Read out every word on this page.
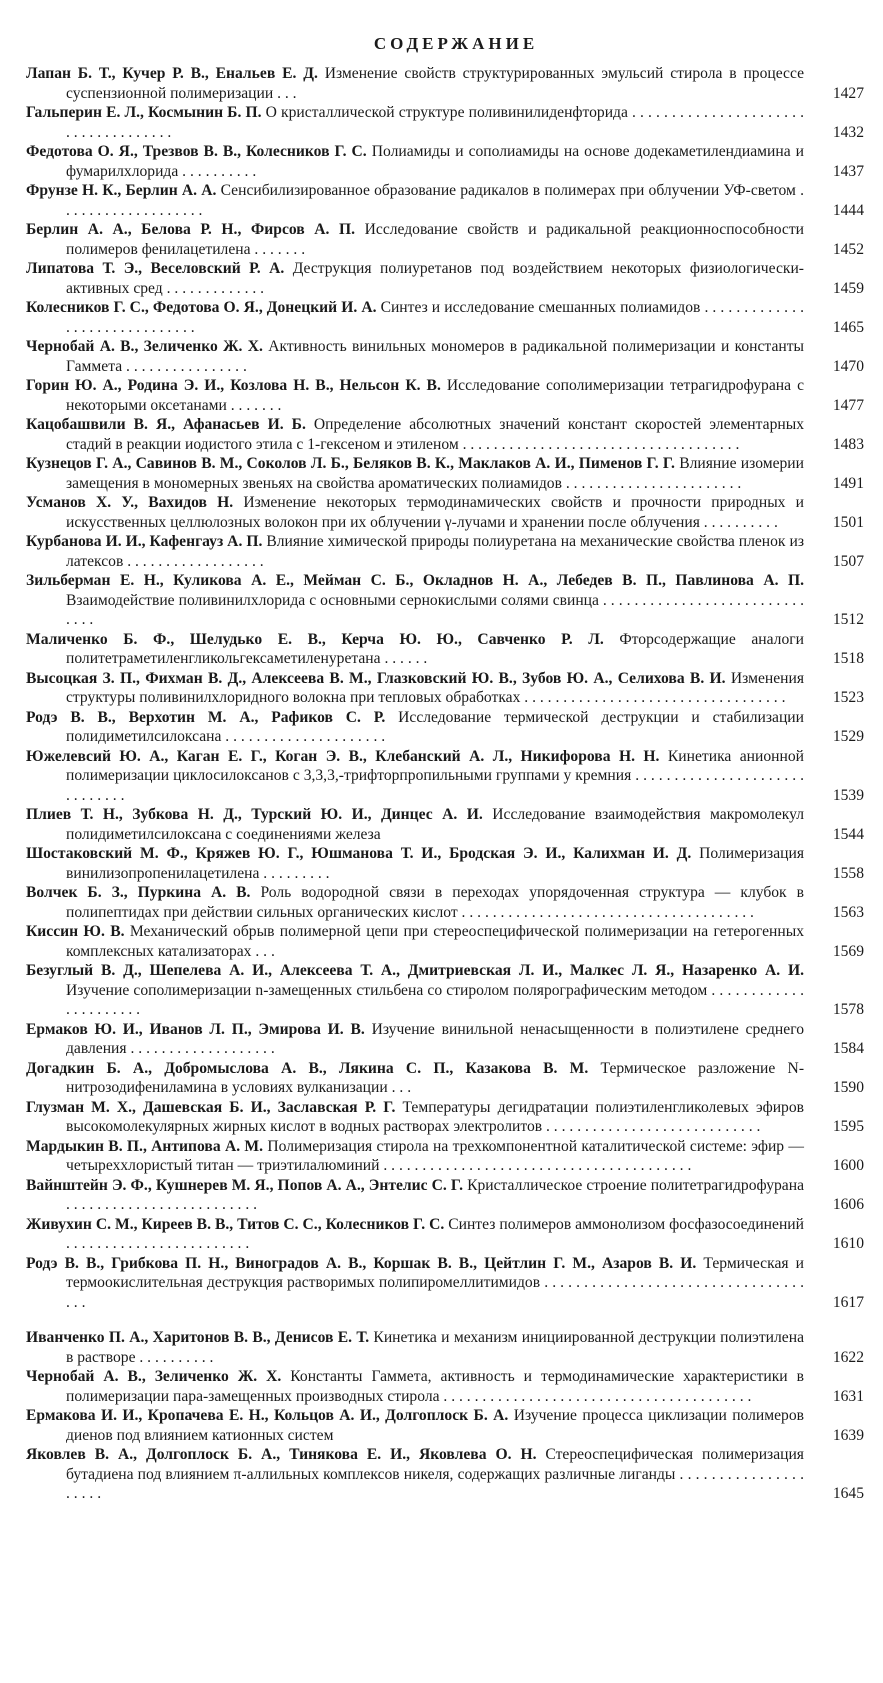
СОДЕРЖАНИЕ
Лапан Б. Т., Кучер Р. В., Енальев Е. Д. Изменение свойств структурированных эмульсий стирола в процессе суспензионной полимеризации . . .	1427
Гальперин Е. Л., Космынин Б. П. О кристаллической структуре поливинилиденфторида . . . . . . . . . . . . . . . . . . . . . . . . . . . . . . . . . . . .	1432
Федотова О. Я., Трезвов В. В., Колесников Г. С. Полиамиды и сополиамиды на основе додекаметилендиамина и фумарилхлорида . . . . . . . . . .	1437
Фрунзе Н. К., Берлин А. А. Сенсибилизированное образование радикалов в полимерах при облучении УФ-светом . . . . . . . . . . . . . . . . . . .	1444
Берлин А. А., Белова Р. Н., Фирсов А. П. Исследование свойств и радикальной реакционноспособности полимеров фенилацетилена . . . . . . .	1452
Липатова Т. Э., Веселовский Р. А. Деструкция полиуретанов под воздействием некоторых физиологически-активных сред . . . . . . . . . . . . .	1459
Колесников Г. С., Федотова О. Я., Донецкий И. А. Синтез и исследование смешанных полиамидов . . . . . . . . . . . . . . . . . . . . . . . . . . . . . .	1465
Чернобай А. В., Зеличенко Ж. Х. Активность винильных мономеров в радикальной полимеризации и константы Гаммета . . . . . . . . . . . . . . . .	1470
Горин Ю. А., Родина Э. И., Козлова Н. В., Нельсон К. В. Исследование сополимеризации тетрагидрофурана с некоторыми оксетанами . . . . . . .	1477
Кацобашвили В. Я., Афанасьев И. Б. Определение абсолютных значений констант скоростей элементарных стадий в реакции иодистого этила с 1-гексеном и этиленом . . . . . . . . . . . . . . . . . . . . . . . . . . . . . . . . . . . .	1483
Кузнецов Г. А., Савинов В. М., Соколов Л. Б., Беляков В. К., Маклаков А. И., Пименов Г. Г. Влияние изомерии замещения в мономерных звеньях на свойства ароматических полиамидов . . . . . . . . . . . . . . . . . . . . . . .	1491
Усманов Х. У., Вахидов Н. Изменение некоторых термодинамических свойств и прочности природных и искусственных целлюлозных волокон при их облучении γ-лучами и хранении после облучения . . . . . . . . . .	1501
Курбанова И. И., Кафенгауз А. П. Влияние химической природы полиуретана на механические свойства пленок из латексов . . . . . . . . . . . . . . . . . .	1507
Зильберман Е. Н., Куликова А. Е., Мейман С. Б., Окладнов Н. А., Лебедев В. П., Павлинова А. П. Взаимодействие поливинилхлорида с основными сернокислыми солями свинца . . . . . . . . . . . . . . . . . . . . . . . . . . . . . .	1512
Маличенко Б. Ф., Шелудько Е. В., Керча Ю. Ю., Савченко Р. Л. Фторсодержащие аналоги политетраметиленгликольгексаметиленуретана . . . . . .	1518
Высоцкая З. П., Фихман В. Д., Алексеева В. М., Глазковский Ю. В., Зубов Ю. А., Селихова В. И. Изменения структуры поливинилхлоридного волокна при тепловых обработках . . . . . . . . . . . . . . . . . . . . . . . . . . . . . . . . . .	1523
Родэ В. В., Верхотин М. А., Рафиков С. Р. Исследование термической деструкции и стабилизации полидиметилсилоксана . . . . . . . . . . . . . . . . . . . . .	1529
Южелевсий Ю. А., Каган Е. Г., Коган Э. В., Клебанский А. Л., Никифорова Н. Н. Кинетика анионной полимеризации циклосилоксанов с 3,3,3,-трифторпропильными группами у кремния . . . . . . . . . . . . . . . . . . . . . . . . . . . . . .	1539
Плиев Т. Н., Зубкова Н. Д., Турский Ю. И., Динцес А. И. Исследование взаимодействия макромолекул полидиметилсилоксана с соединениями железа	1544
Шостаковский М. Ф., Кряжев Ю. Г., Юшманова Т. И., Бродская Э. И., Калихман И. Д. Полимеризация винилизопропенилацетилена . . . . . . . . .	1558
Волчек Б. З., Пуркина А. В. Роль водородной связи в переходах упорядоченная структура — клубок в полипептидах при действии сильных органических кислот . . . . . . . . . . . . . . . . . . . . . . . . . . . . . . . . . . . . . .	1563
Киссин Ю. В. Механический обрыв полимерной цепи при стереоспецифической полимеризации на гетерогенных комплексных катализаторах . . .	1569
Безуглый В. Д., Шепелева А. И., Алексеева Т. А., Дмитриевская Л. И., Малкес Л. Я., Назаренко А. И. Изучение сополимеризации n-замещенных стильбена со стиролом полярографическим методом . . . . . . . . . . . . . . . . . . . . . .	1578
Ермаков Ю. И., Иванов Л. П., Эмирова И. В. Изучение винильной ненасыщенности в полиэтилене среднего давления . . . . . . . . . . . . . . . . . . .	1584
Догадкин Б. А., Добромыслова А. В., Лякина С. П., Казакова В. М. Термическое разложение N-нитрозодифениламина в условиях вулканизации . . .	1590
Глузман М. Х., Дашевская Б. И., Заславская Р. Г. Температуры дегидратации полиэтиленгликолевых эфиров высокомолекулярных жирных кислот в водных растворах электролитов . . . . . . . . . . . . . . . . . . . . . . . . . . . .	1595
Мардыкин В. П., Антипова А. М. Полимеризация стирола на трехкомпонентной каталитической системе: эфир — четыреххлористый титан — триэтилалюминий . . . . . . . . . . . . . . . . . . . . . . . . . . . . . . . . . . . . . . . .	1600
Вайнштейн Э. Ф., Кушнерев М. Я., Попов А. А., Энтелис С. Г. Кристаллическое строение политетрагидрофурана . . . . . . . . . . . . . . . . . . . . . . . . .	1606
Живухин С. М., Киреев В. В., Титов С. С., Колесников Г. С. Синтез полимеров аммонолизом фосфазосоединений . . . . . . . . . . . . . . . . . . . . . . . .	1610
Родэ В. В., Грибкова П. Н., Виноградов А. В., Коршак В. В., Цейтлин Г. М., Азаров В. И. Термическая и термоокислительная деструкция растворимых полипиромеллитимидов . . . . . . . . . . . . . . . . . . . . . . . . . . . . . . . . . . . .	1617
Иванченко П. А., Харитонов В. В., Денисов Е. Т. Кинетика и механизм инициированной деструкции полиэтилена в растворе . . . . . . . . . .	1622
Чернобай А. В., Зеличенко Ж. Х. Константы Гаммета, активность и термодинамические характеристики в полимеризации пара-замещенных производных стирола . . . . . . . . . . . . . . . . . . . . . . . . . . . . . . . . . . . . . . . .	1631
Ермакова И. И., Кропачева Е. Н., Кольцов А. И., Долгоплоск Б. А. Изучение процесса циклизации полимеров диенов под влиянием катионных систем	1639
Яковлев В. А., Долгоплоск Б. А., Тинякова Е. И., Яковлева О. Н. Стереоспецифическая полимеризация бутадиена под влиянием π-аллильных комплексов никеля, содержащих различные лиганды . . . . . . . . . . . . . . . . . . . . .	1645
